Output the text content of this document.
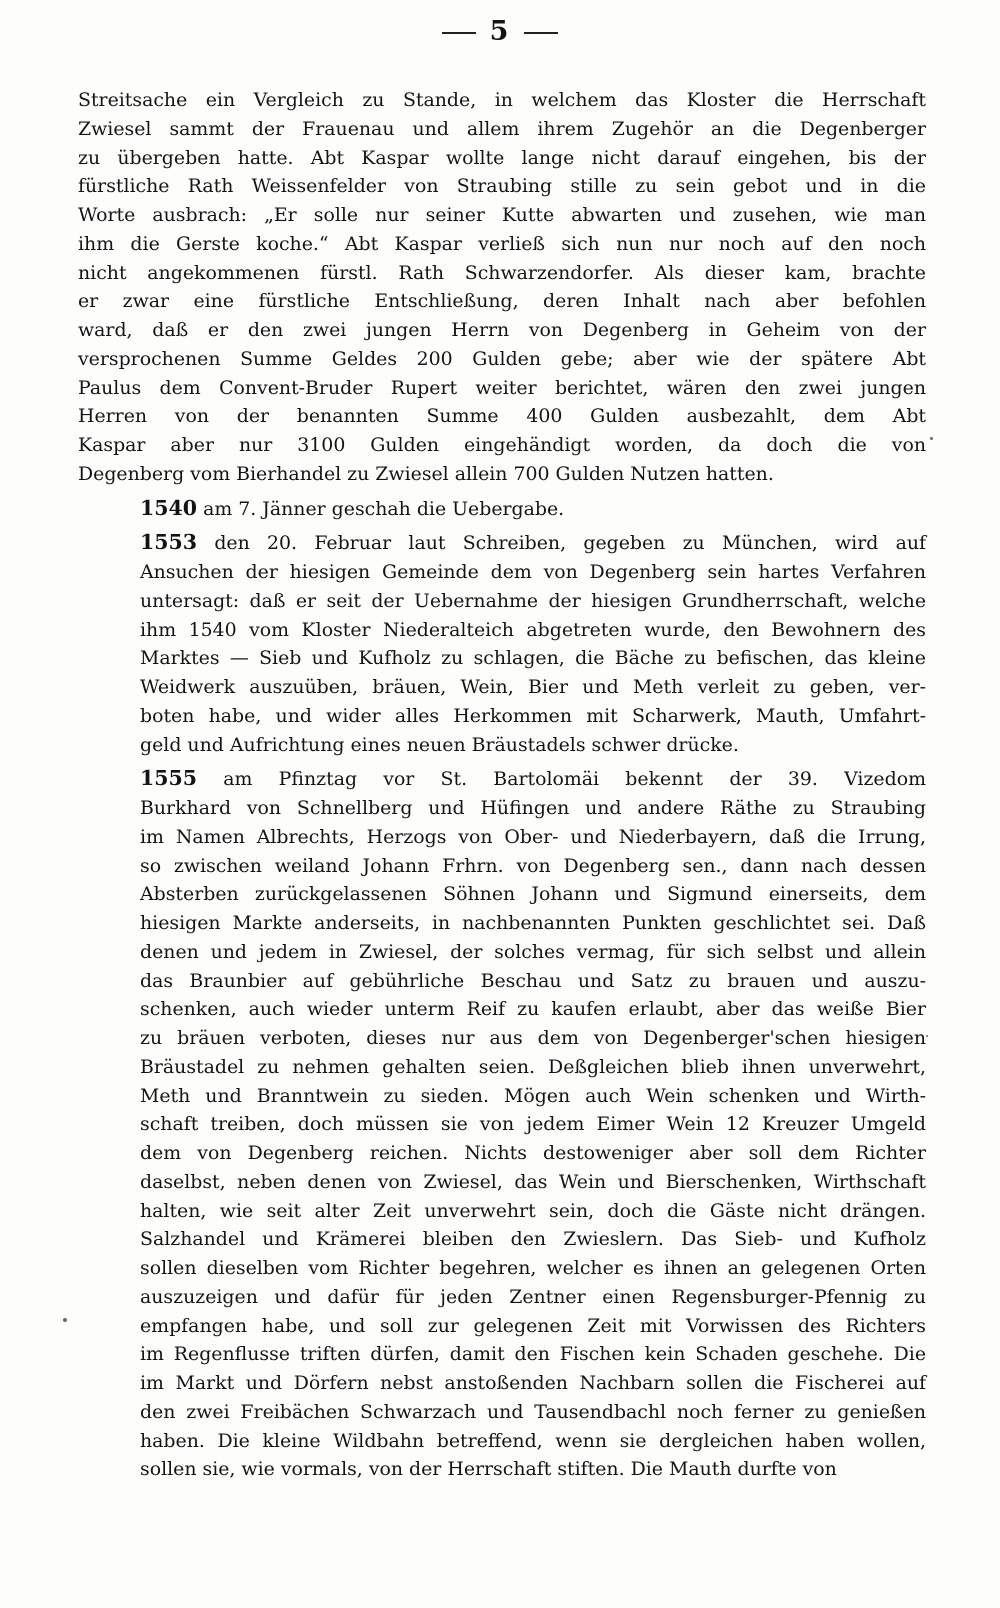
5
Streitsache ein Vergleich zu Stande, in welchem das Kloster die Herrschaft
Zwiesel sammt der Frauenau und allem ihrem Zugehör an die Degenberger
zu übergeben hatte. Abt Kaspar wollte lange nicht darauf eingehen, bis der
fürstliche Rath Weissenfelder von Straubing stille zu sein gebot und in die
Worte ausbrach: „Er solle nur seiner Kutte abwarten und zusehen, wie man
ihm die Gerste koche.“ Abt Kaspar verließ sich nun nur noch auf den noch
nicht angekommenen fürstl. Rath Schwarzendorfer. Als dieser kam, brachte
er zwar eine fürstliche Entschließung, deren Inhalt nach aber befohlen
ward, daß er den zwei jungen Herrn von Degenberg in Geheim von der
versprochenen Summe Geldes 200 Gulden gebe; aber wie der spätere Abt
Paulus dem Convent-Bruder Rupert weiter berichtet, wären den zwei jungen
Herren von der benannten Summe 400 Gulden ausbezahlt, dem Abt
Kaspar aber nur 3100 Gulden eingehändigt worden, da doch die von
Degenberg vom Bierhandel zu Zwiesel allein 700 Gulden Nutzen hatten.
1540 am 7. Jänner geschah die Uebergabe.
1553 den 20. Februar laut Schreiben, gegeben zu München, wird auf
Ansuchen der hiesigen Gemeinde dem von Degenberg sein hartes Verfahren
untersagt: daß er seit der Uebernahme der hiesigen Grundherrschaft, welche
ihm 1540 vom Kloster Niederalteich abgetreten wurde, den Bewohnern des
Marktes — Sieb und Kufholz zu schlagen, die Bäche zu befischen, das kleine
Weidwerk auszuüben, bräuen, Wein, Bier und Meth verleit zu geben, ver-
boten habe, und wider alles Herkommen mit Scharwerk, Mauth, Umfahrt-
geld und Aufrichtung eines neuen Bräustadels schwer drücke.
1555 am Pfinztag vor St. Bartolomäi bekennt der 39. Vizedom
Burkhard von Schnellberg und Hüfingen und andere Räthe zu Straubing
im Namen Albrechts, Herzogs von Ober- und Niederbayern, daß die Irrung,
so zwischen weiland Johann Frhrn. von Degenberg sen., dann nach dessen
Absterben zurückgelassenen Söhnen Johann und Sigmund einerseits, dem
hiesigen Markte anderseits, in nachbenannten Punkten geschlichtet sei. Daß
denen und jedem in Zwiesel, der solches vermag, für sich selbst und allein
das Braunbier auf gebührliche Beschau und Satz zu brauen und auszu-
schenken, auch wieder unterm Reif zu kaufen erlaubt, aber das weiße Bier
zu bräuen verboten, dieses nur aus dem von Degenberger'schen hiesigen
Bräustadel zu nehmen gehalten seien. Deßgleichen blieb ihnen unverwehrt,
Meth und Branntwein zu sieden. Mögen auch Wein schenken und Wirth-
schaft treiben, doch müssen sie von jedem Eimer Wein 12 Kreuzer Umgeld
dem von Degenberg reichen. Nichts destoweniger aber soll dem Richter
daselbst, neben denen von Zwiesel, das Wein und Bierschenken, Wirthschaft
halten, wie seit alter Zeit unverwehrt sein, doch die Gäste nicht drängen.
Salzhandel und Krämerei bleiben den Zwieslern. Das Sieb- und Kufholz
sollen dieselben vom Richter begehren, welcher es ihnen an gelegenen Orten
auszuzeigen und dafür für jeden Zentner einen Regensburger-Pfennig zu
empfangen habe, und soll zur gelegenen Zeit mit Vorwissen des Richters
im Regenflusse triften dürfen, damit den Fischen kein Schaden geschehe. Die
im Markt und Dörfern nebst anstoßenden Nachbarn sollen die Fischerei auf
den zwei Freibächen Schwarzach und Tausendbachl noch ferner zu genießen
haben. Die kleine Wildbahn betreffend, wenn sie dergleichen haben wollen,
sollen sie, wie vormals, von der Herrschaft stiften. Die Mauth durfte von
